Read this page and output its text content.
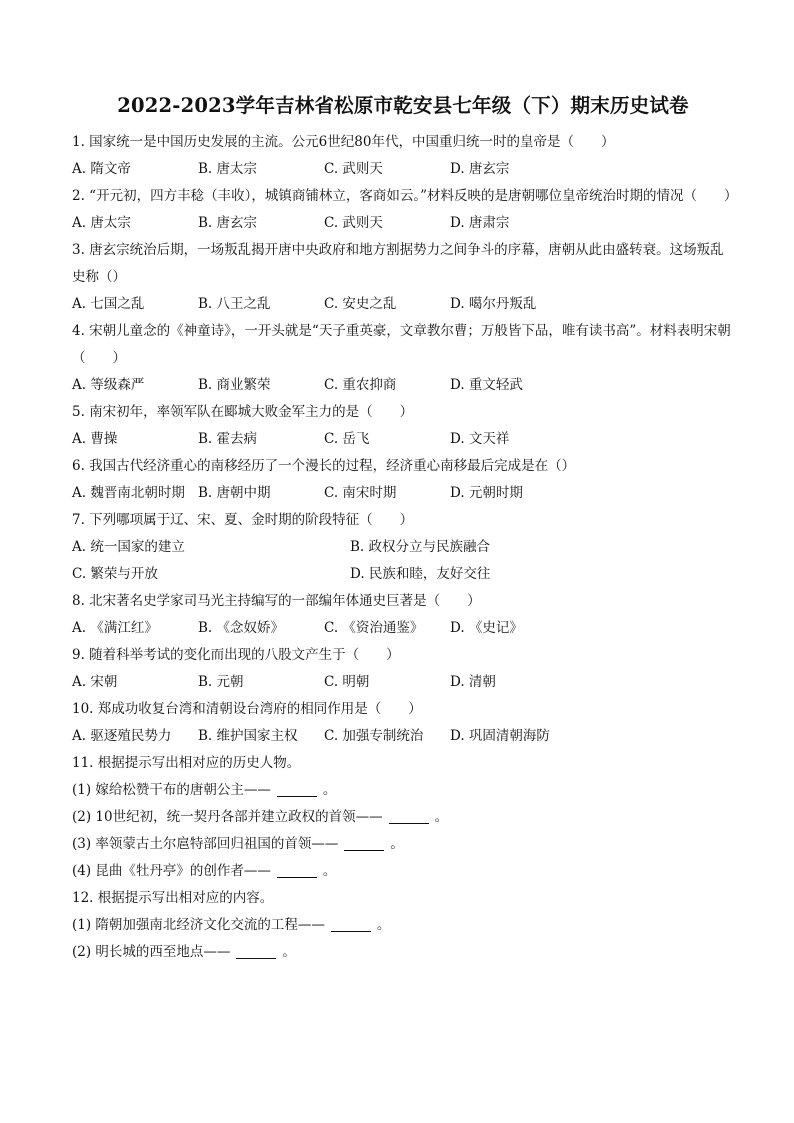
2022-2023学年吉林省松原市乾安县七年级（下）期末历史试卷

1. 国家统一是中国历史发展的主流。公元6世纪80年代，中国重归统一时的皇帝是（　　）

A. 隋文帝	B. 唐太宗	C. 武则天	D. 唐玄宗

2. “开元初，四方丰稔（丰收），城镇商铺林立，客商如云。”材料反映的是唐朝哪位皇帝统治时期的情况（　　）

A. 唐太宗	B. 唐玄宗	C. 武则天	D. 唐肃宗

3. 唐玄宗统治后期，一场叛乱揭开唐中央政府和地方割据势力之间争斗的序幕，唐朝从此由盛转衰。这场叛乱史称（）

A. 七国之乱	B. 八王之乱	C. 安史之乱	D. 噶尔丹叛乱

4. 宋朝儿童念的《神童诗》，一开头就是“天子重英豪，文章教尔曹；万般皆下品，唯有读书高”。材料表明宋朝（　　）

A. 等级森严	B. 商业繁荣	C. 重农抑商	D. 重文轻武

5. 南宋初年，率领军队在郾城大败金军主力的是（　　）

A. 曹操	B. 霍去病	C. 岳飞	D. 文天祥

6. 我国古代经济重心的南移经历了一个漫长的过程，经济重心南移最后完成是在（）

A. 魏晋南北朝时期 B. 唐朝中期	C. 南宋时期	D. 元朝时期

7. 下列哪项属于辽、宋、夏、金时期的阶段特征（　　）

A. 统一国家的建立	B. 政权分立与民族融合
C. 繁荣与开放	D. 民族和睦，友好交往

8. 北宋著名史学家司马光主持编写的一部编年体通史巨著是（　　）

A. 《满江红》	B. 《念奴娇》	C. 《资治通鉴》	D. 《史记》

9. 随着科举考试的变化而出现的八股文产生于（　　）

A. 宋朝	B. 元朝	C. 明朝	D. 清朝

10. 郑成功收复台湾和清朝设台湾府的相同作用是（　　）

A. 驱逐殖民势力	B. 维护国家主权	C. 加强专制统治	D. 巩固清朝海防

11. 根据提示写出相对应的历史人物。

(1) 嫁给松赞干布的唐朝公主——	。

(2) 10世纪初，统一契丹各部并建立政权的首领——	。

(3) 率领蒙古土尔扈特部回归祖国的首领——	。

(4) 昆曲《牡丹亭》的创作者——	。

12. 根据提示写出相对应的内容。

(1) 隋朝加强南北经济文化交流的工程——	。

(2) 明长城的西至地点——	。
